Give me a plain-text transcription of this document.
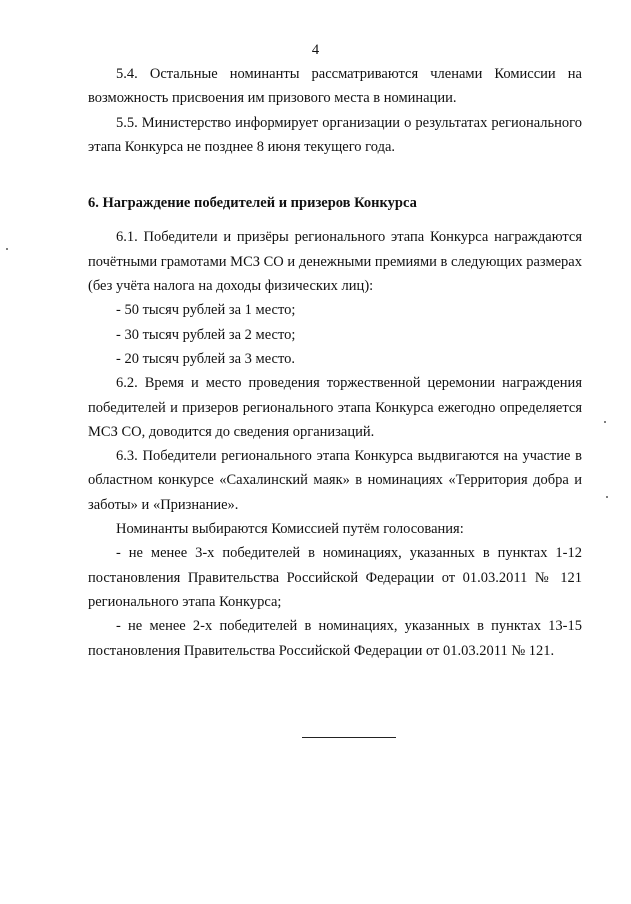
4

5.4. Остальные номинанты рассматриваются членами Комиссии на возможность присвоения им призового места в номинации.

5.5. Министерство информирует организации о результатах регионального этапа Конкурса не позднее 8 июня текущего года.

6. Награждение победителей и призеров Конкурса

6.1. Победители и призёры регионального этапа Конкурса награждаются почётными грамотами МСЗ СО и денежными премиями в следующих размерах (без учёта налога на доходы физических лиц):

- 50 тысяч рублей за 1 место;

- 30 тысяч рублей за 2 место;

- 20 тысяч рублей за 3 место.

6.2. Время и место проведения торжественной церемонии награждения победителей и призеров регионального этапа Конкурса ежегодно определяется МСЗ СО, доводится до сведения организаций.

6.3. Победители регионального этапа Конкурса выдвигаются на участие в областном конкурсе «Сахалинский маяк» в номинациях «Территория добра и заботы» и «Признание».

Номинанты выбираются Комиссией путём голосования:

- не менее 3-х победителей в номинациях, указанных в пунктах 1-12 постановления Правительства Российской Федерации от 01.03.2011 № 121 регионального этапа Конкурса;

- не менее 2-х победителей в номинациях, указанных в пунктах 13-15 постановления Правительства Российской Федерации от 01.03.2011 № 121.
